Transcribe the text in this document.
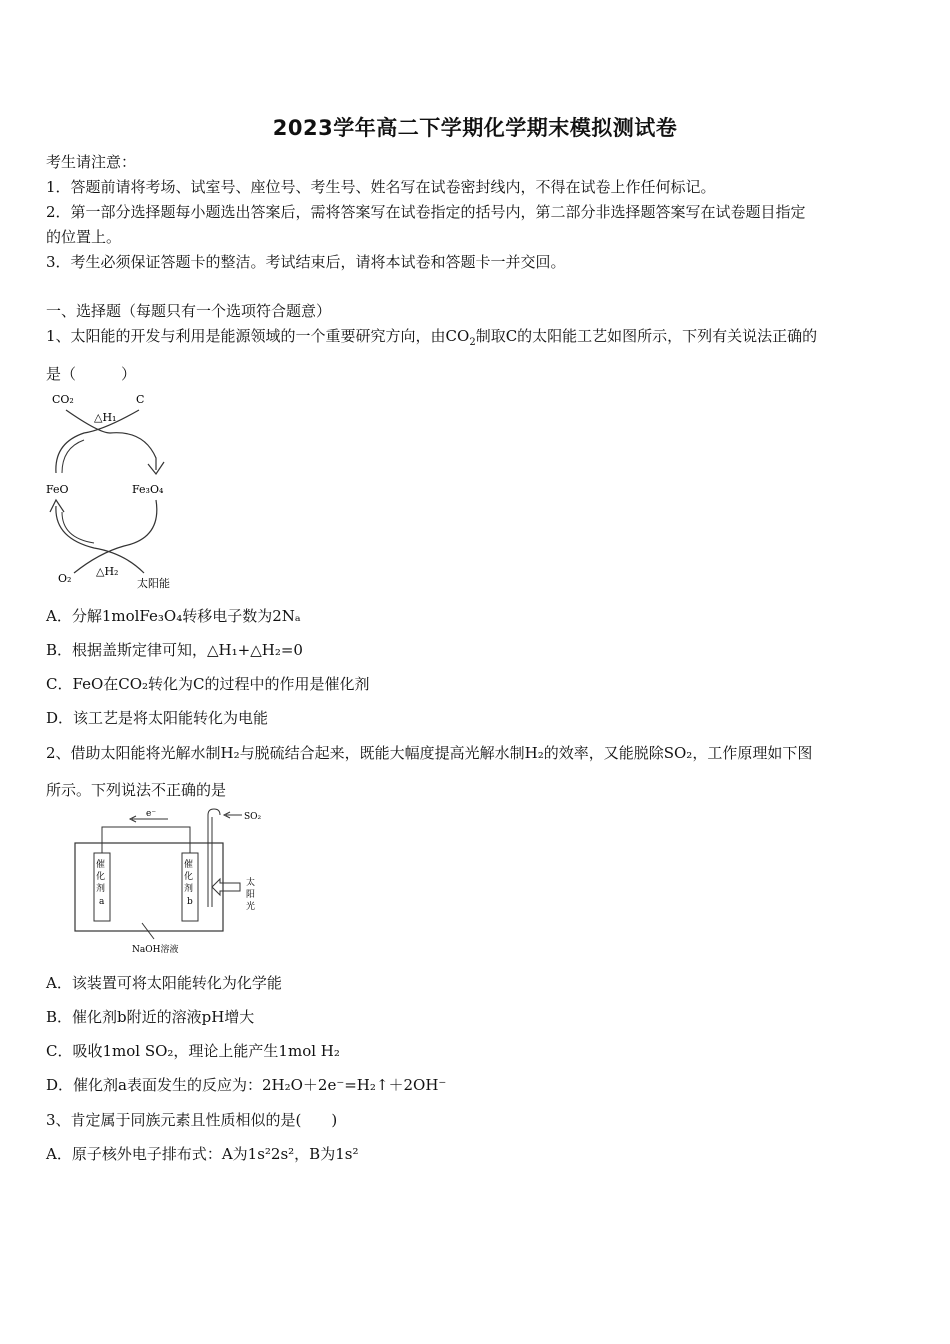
2023学年高二下学期化学期末模拟测试卷
考生请注意：
1．答题前请将考场、试室号、座位号、考生号、姓名写在试卷密封线内，不得在试卷上作任何标记。
2．第一部分选择题每小题选出答案后，需将答案写在试卷指定的括号内，第二部分非选择题答案写在试卷题目指定
的位置上。
3．考生必须保证答题卡的整洁。考试结束后，请将本试卷和答题卡一并交回。
一、选择题（每题只有一个选项符合题意）
1、太阳能的开发与利用是能源领域的一个重要研究方向，由$CO_2$制取C的太阳能工艺如图所示，下列有关说法正确的
是（　　　）
CO₂	C
△H₁
FeO	Fe₃O₄
O₂
△H₂
太阳能
A．分解1molFe₃O₄转移电子数为2Nₐ
B．根据盖斯定律可知，△H₁+△H₂=0
C．FeO在CO₂转化为C的过程中的作用是催化剂
D．该工艺是将太阳能转化为电能
2、借助太阳能将光解水制H₂与脱硫结合起来，既能大幅度提高光解水制H₂的效率，又能脱除SO₂，工作原理如下图
所示。下列说法不正确的是
e⁻	SO₂
太
阳
光
催
化
剂
a
催
化
剂
b
NaOH溶液
A．该装置可将太阳能转化为化学能
B．催化剂b附近的溶液pH增大
C．吸收1mol SO₂，理论上能产生1mol H₂
D．催化剂a表面发生的反应为：2H₂O＋2e⁻=H₂↑＋2OH⁻
3、肯定属于同族元素且性质相似的是(　　)
A．原子核外电子排布式：A为1s²2s²，B为1s²
